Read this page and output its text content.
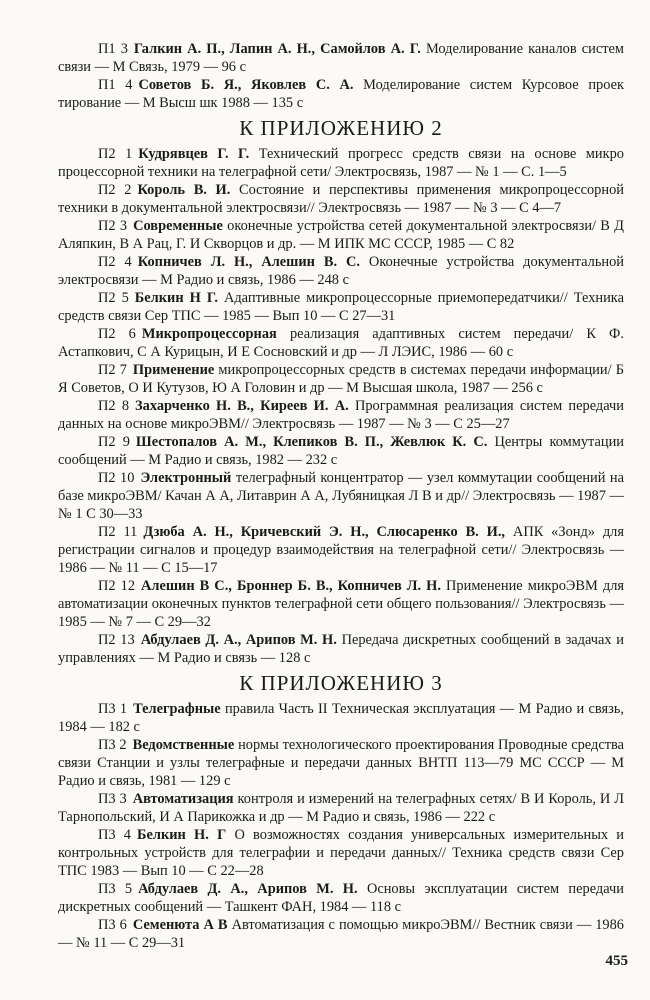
П1 3 Галкин А. П., Лапин А. Н., Самойлов А. Г. Моделирование каналов систем связи — М Связь, 1979 — 96 с

П1 4 Советов Б. Я., Яковлев С. А. Моделирование систем Курсовое проек тирование — М Высш шк 1988 — 135 с

К ПРИЛОЖЕНИЮ 2

П2 1 Кудрявцев Г. Г. Технический прогресс средств связи на основе микро процессорной техники на телеграфной сети/ Электросвязь, 1987 — № 1 — С. 1—5

П2 2 Король В. И. Состояние и перспективы применения микропроцессорной техники в документальной электросвязи// Электросвязь — 1987 — № 3 — С 4—7

П2 3 Современные оконечные устройства сетей документальной электросвязи/ В Д Аляпкин, В А Рац, Г. И Скворцов и др. — М ИПК МС СССР, 1985 — С 82

П2 4 Копничев Л. Н., Алешин В. С. Оконечные устройства документальной электросвязи — М Радио и связь, 1986 — 248 с

П2 5 Белкин Н Г. Адаптивные микропроцессорные приемопередатчики// Техника средств связи Сер ТПС — 1985 — Вып 10 — С 27—31

П2 6 Микропроцессорная реализация адаптивных систем передачи/ К Ф. Астапкович, С А Курицын, И Е Сосновский и др — Л ЛЭИС, 1986 — 60 с

П2 7 Применение микропроцессорных средств в системах передачи информации/ Б Я Советов, О И Кутузов, Ю А Головин и др — М Высшая школа, 1987 — 256 с

П2 8 Захарченко Н. В., Киреев И. А. Программная реализация систем передачи данных на основе микроЭВМ// Электросвязь — 1987 — № 3 — С 25—27

П2 9 Шестопалов А. М., Клепиков В. П., Жевлюк К. С. Центры коммутации сообщений — М Радио и связь, 1982 — 232 с

П2 10 Электронный телеграфный концентратор — узел коммутации сообщений на базе микроЭВМ/ Качан А А, Литаврин А А, Лубяницкая Л В и др// Электросвязь — 1987 — № 1 С 30—33

П2 11 Дзюба А. Н., Кричевский Э. Н., Слюсаренко В. И., АПК «Зонд» для регистрации сигналов и процедур взаимодействия на телеграфной сети// Электросвязь — 1986 — № 11 — С 15—17

П2 12 Алешин В С., Броннер Б. В., Копничев Л. Н. Применение микроЭВМ для автоматизации оконечных пунктов телеграфной сети общего пользования// Электросвязь — 1985 — № 7 — С 29—32

П2 13 Абдулаев Д. А., Арипов М. Н. Передача дискретных сообщений в задачах и управлениях — М Радио и связь — 128 с

К ПРИЛОЖЕНИЮ 3

П3 1 Телеграфные правила Часть II Техническая эксплуатация — М Радио и связь, 1984 — 182 с

П3 2 Ведомственные нормы технологического проектирования Проводные средства связи Станции и узлы телеграфные и передачи данных ВНТП 113—79 МС СССР — М Радио и связь, 1981 — 129 с

П3 3 Автоматизация контроля и измерений на телеграфных сетях/ В И Король, И Л Тарнопольский, И А Парикожка и др — М Радио и связь, 1986 — 222 с

П3 4 Белкин Н. Г О возможностях создания универсальных измерительных и контрольных устройств для телеграфии и передачи данных// Техника средств связи Сер ТПС 1983 — Вып 10 — С 22—28

П3 5 Абдулаев Д. А., Арипов М. Н. Основы эксплуатации систем передачи дискретных сообщений — Ташкент ФАН, 1984 — 118 с

П3 6 Семенюта А В Автоматизация с помощью микроЭВМ// Вестник связи — 1986 — № 11 — С 29—31

455
